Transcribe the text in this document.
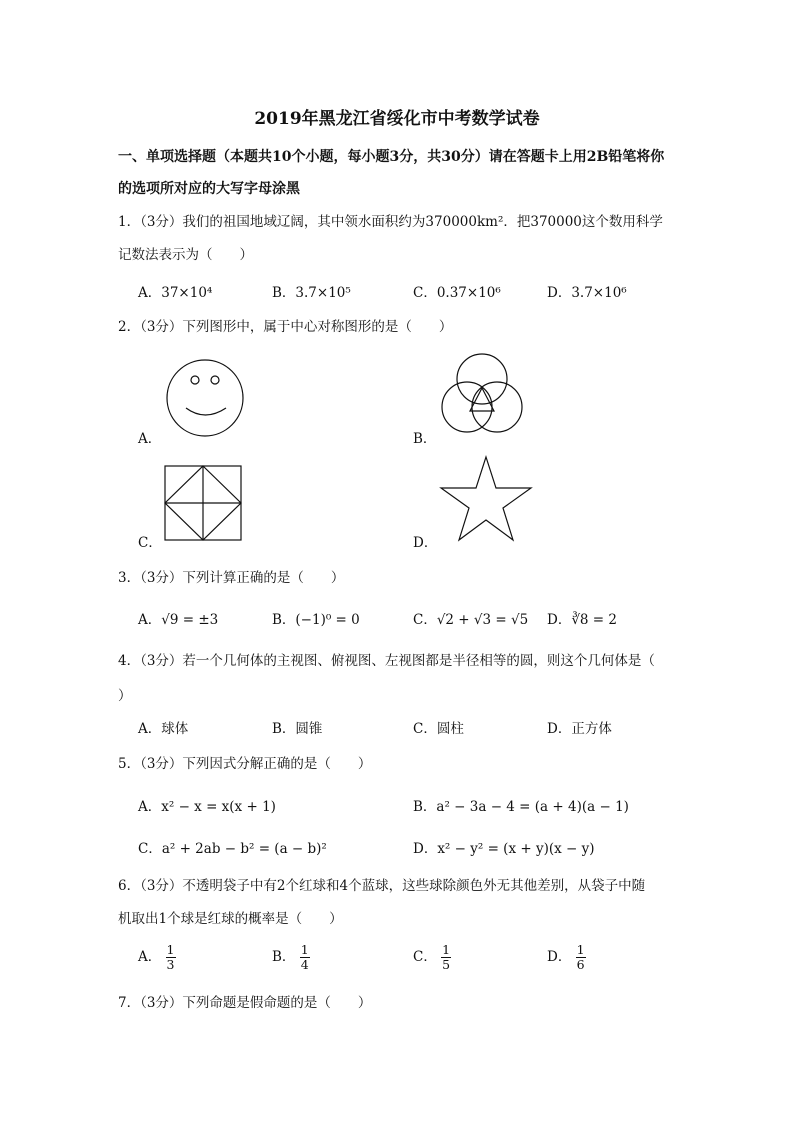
2019年黑龙江省绥化市中考数学试卷
一、单项选择题（本题共10个小题，每小题3分，共30分）请在答题卡上用2B铅笔将你
的选项所对应的大写字母涂黑
1．（3分）我们的祖国地域辽阔，其中领水面积约为370000km²．把370000这个数用科学
记数法表示为（　　）
A．37×10⁴	B．3.7×10⁵	C．0.37×10⁶	D．3.7×10⁶
2．（3分）下列图形中，属于中心对称图形的是（　　）
A．	B．
C．	D．
3．（3分）下列计算正确的是（　　）
A．√9 = ±3	B．(−1)⁰ = 0	C．√2 + √3 = √5 D．∛8 = 2
4．（3分）若一个几何体的主视图、俯视图、左视图都是半径相等的圆，则这个几何体是（
）
A．球体	B．圆锥	C．圆柱	D．正方体
5．（3分）下列因式分解正确的是（　　）
A．x² − x = x(x + 1)	B．a² − 3a − 4 = (a + 4)(a − 1)
C．a² + 2ab − b² = (a − b)²	D．x² − y² = (x + y)(x − y)
6．（3分）不透明袋子中有2个红球和4个蓝球，这些球除颜色外无其他差别，从袋子中随
机取出1个球是红球的概率是（　　）
A． $\frac{1}{3}$	B． $\frac{1}{4}$	C． $\frac{1}{5}$	D． $\frac{1}{6}$
7．（3分）下列命题是假命题的是（　　）
